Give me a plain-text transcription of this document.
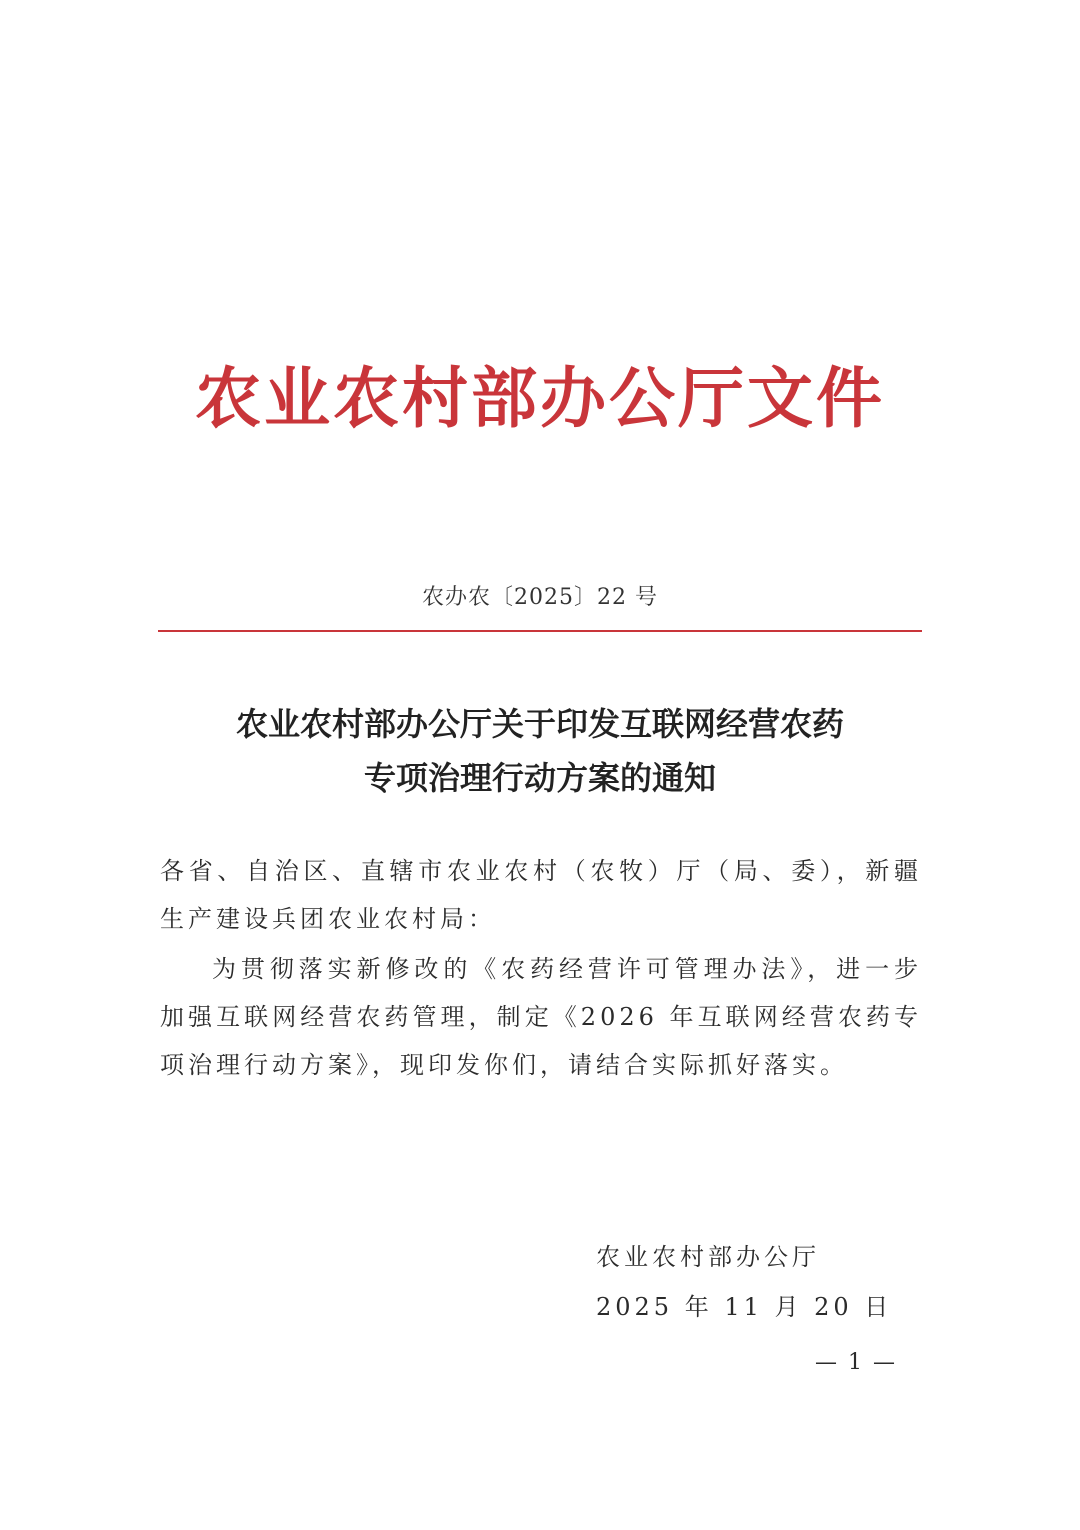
农业农村部办公厅文件
农办农〔2025〕22 号
农业农村部办公厅关于印发互联网经营农药
专项治理行动方案的通知
各省、自治区、直辖市农业农村（农牧）厅（局、委），新疆生产建设兵团农业农村局：
为贯彻落实新修改的《农药经营许可管理办法》，进一步加强互联网经营农药管理，制定《2026 年互联网经营农药专项治理行动方案》，现印发你们，请结合实际抓好落实。
农业农村部办公厅
2025 年 11 月 20 日
— 1 —
